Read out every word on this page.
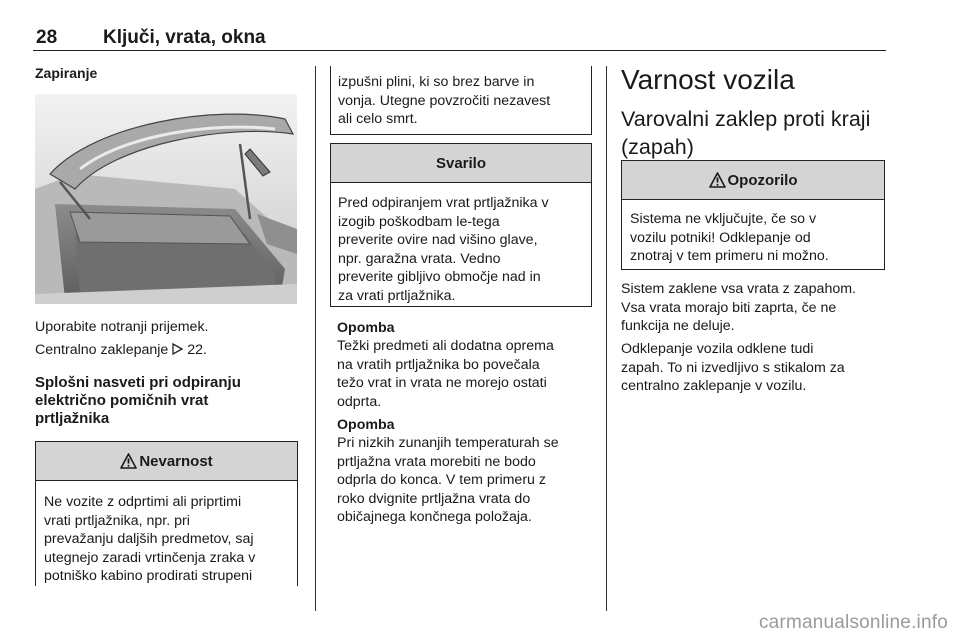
28 Ključi, vrata, okna
Zapiranje

Uporabite notranji prijemek.

Centralno zaklepanje  22.

Splošni nasveti pri odpiranju
električno pomičnih vrat
prtljažnika
Nevarnost
Ne vozite z odprtimi ali priprtimi
vrati prtljažnika, npr. pri
prevažanju daljših predmetov, saj
utegnejo zaradi vrtinčenja zraka v
potniško kabino prodirati strupeni
izpušni plini, ki so brez barve in
vonja. Utegne povzročiti nezavest
ali celo smrt.
Svarilo
Pred odpiranjem vrat prtljažnika v
izogib poškodbam le-tega
preverite ovire nad višino glave,
npr. garažna vrata. Vedno
preverite gibljivo območje nad in
za vrati prtljažnika.
Opomba
Težki predmeti ali dodatna oprema
na vratih prtljažnika bo povečala
težo vrat in vrata ne morejo ostati
odprta.
Opomba
Pri nizkih zunanjih temperaturah se
prtljažna vrata morebiti ne bodo
odprla do konca. V tem primeru z
roko dvignite prtljažna vrata do
običajnega končnega položaja.
Varnost vozila
Varovalni zaklep proti kraji
(zapah)
Opozorilo
Sistema ne vključujte, če so v
vozilu potniki! Odklepanje od
znotraj v tem primeru ni možno.
Sistem zaklene vsa vrata z zapahom.
Vsa vrata morajo biti zaprta, če ne
funkcija ne deluje.
Odklepanje vozila odklene tudi
zapah. To ni izvedljivo s stikalom za
centralno zaklepanje v vozilu.
carmanualsonline.info
